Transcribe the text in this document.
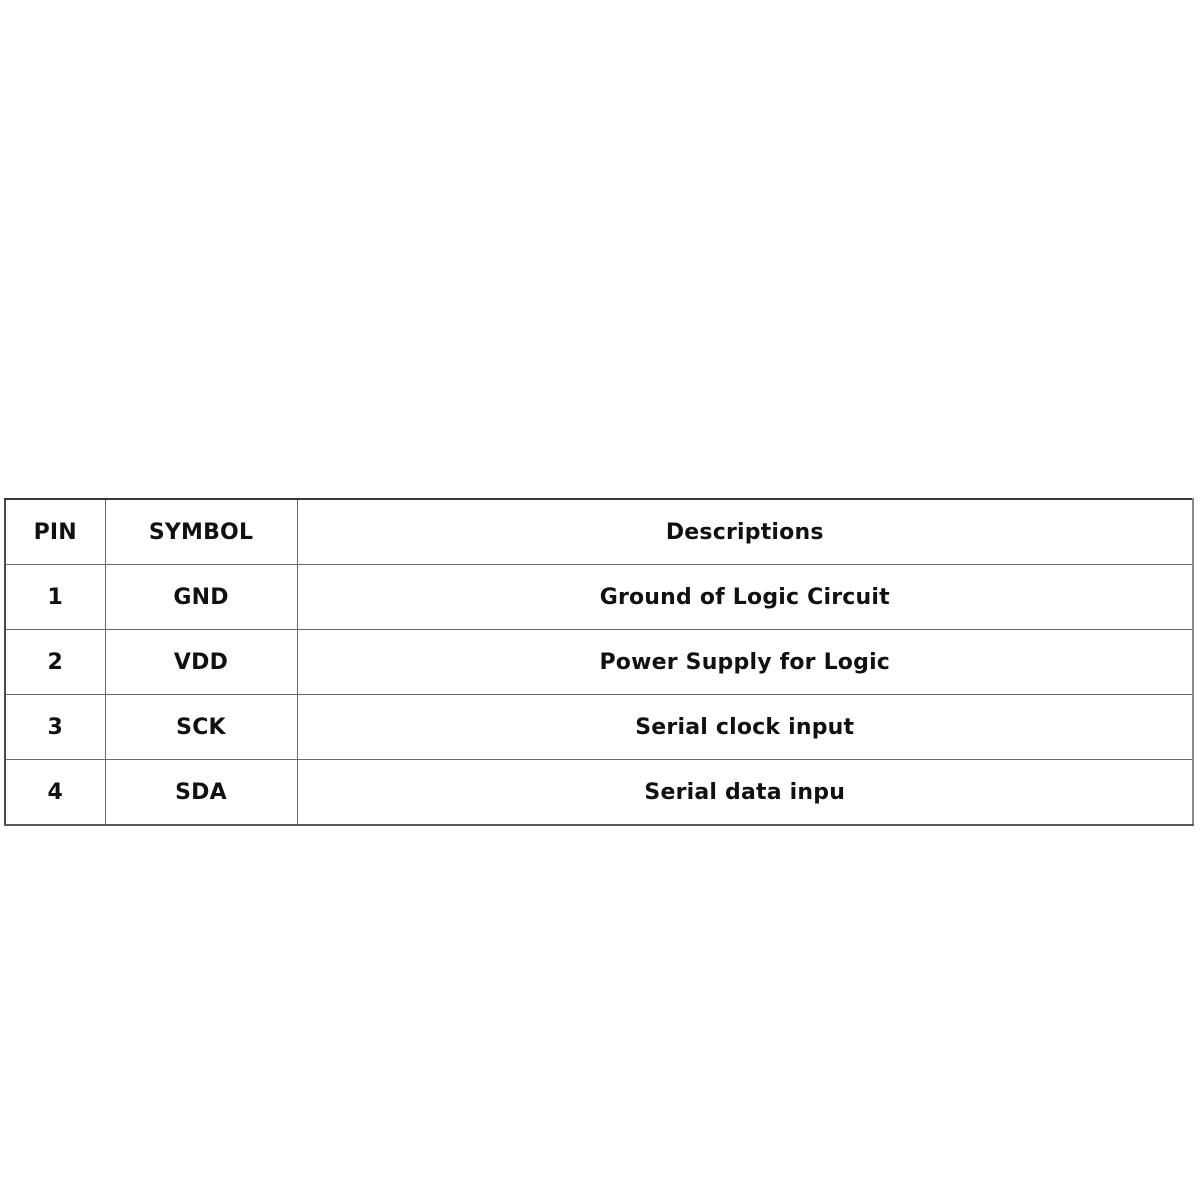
PIN	SYMBOL	Descriptions
1	GND	Ground of Logic Circuit
2	VDD	Power Supply for Logic
3	SCK	Serial clock input
4	SDA	Serial data inpu
